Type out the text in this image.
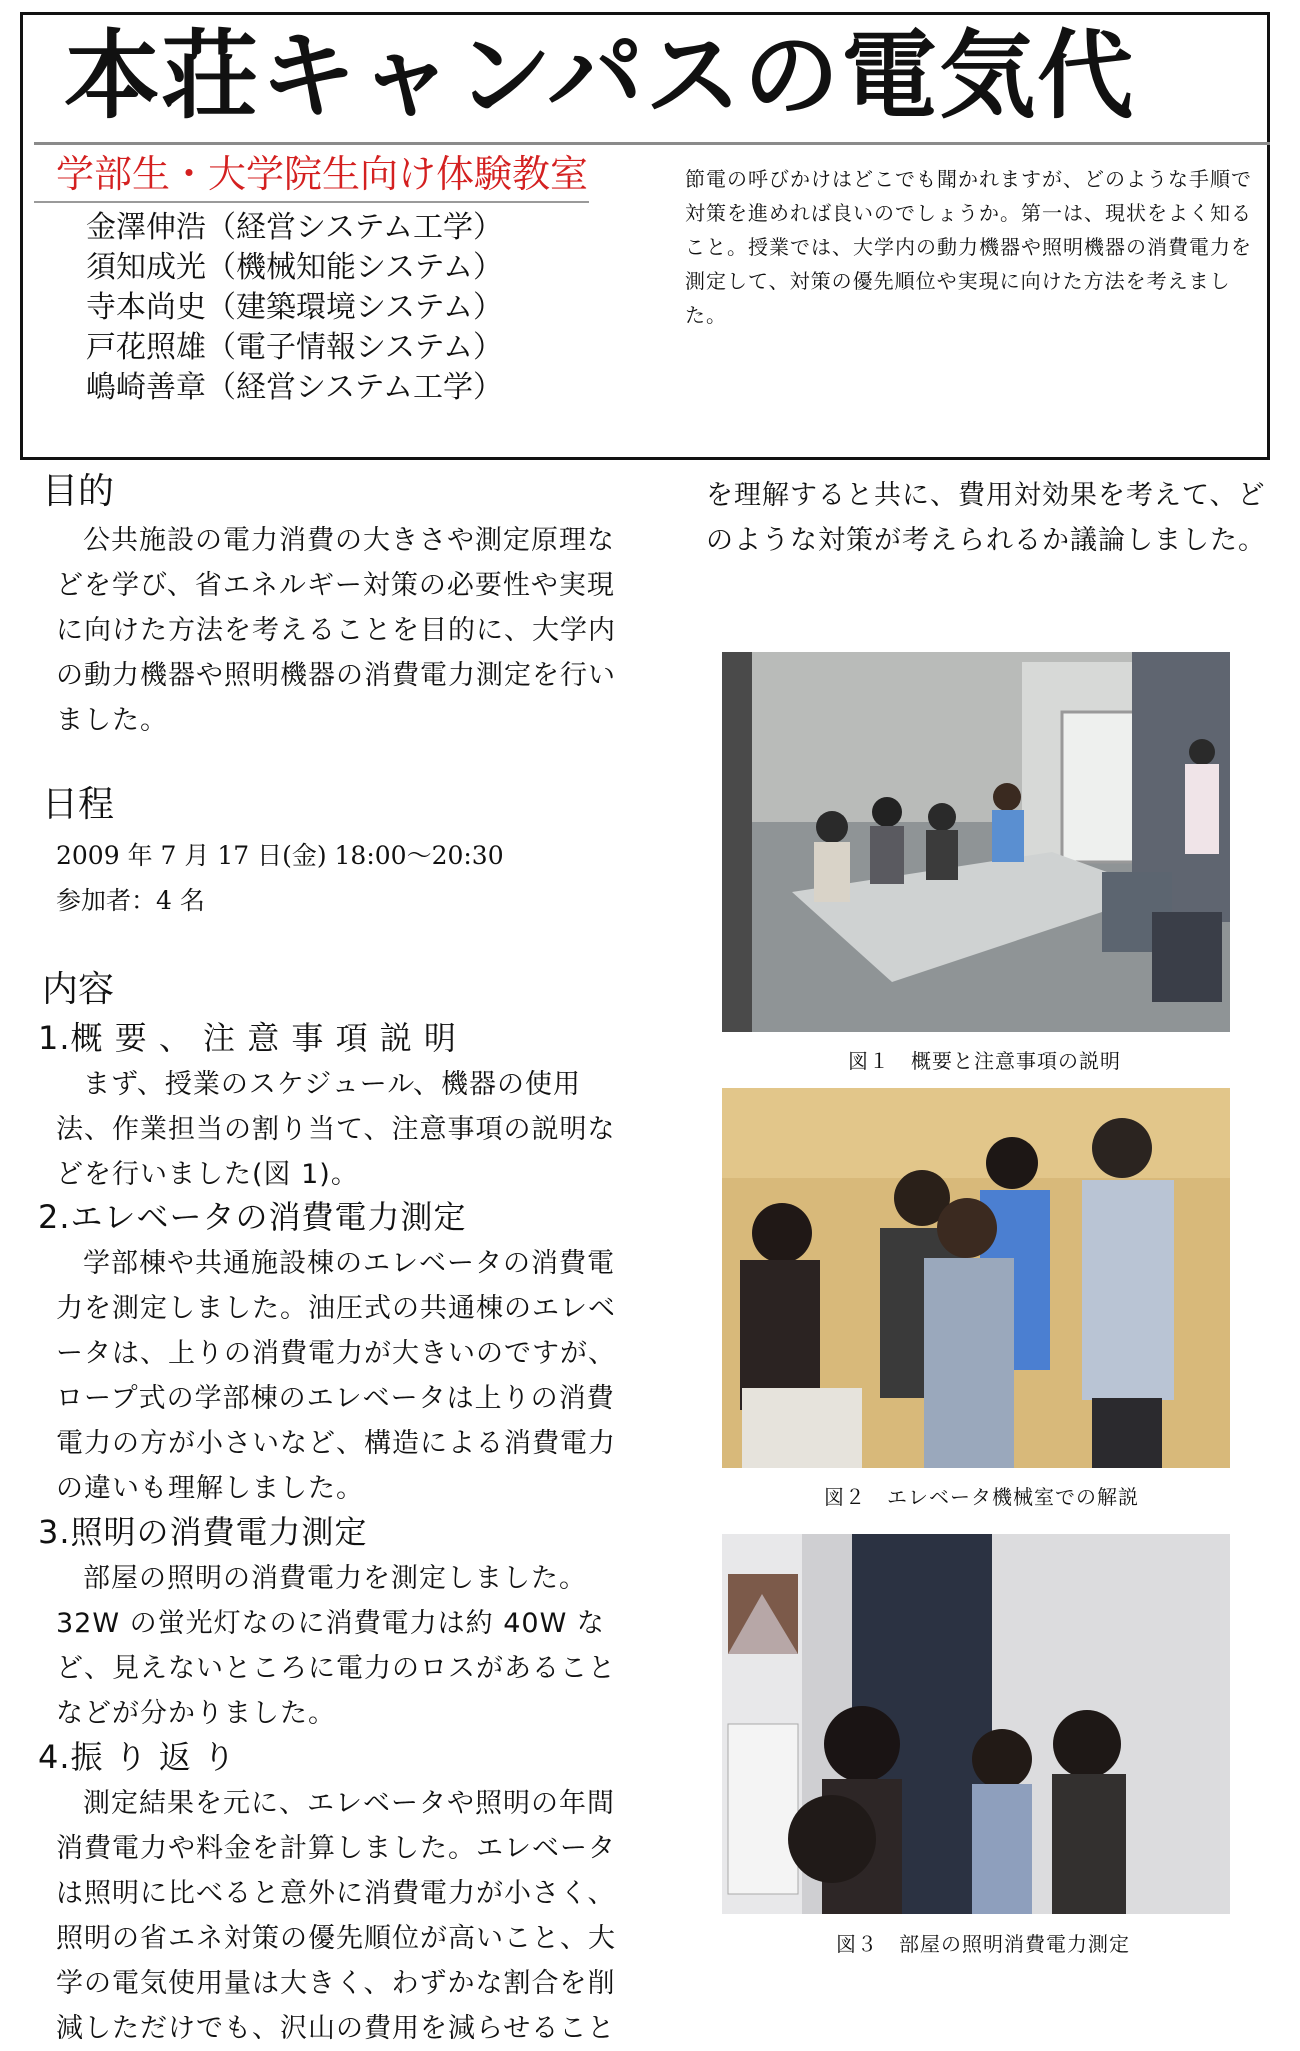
本荘キャンパスの電気代
学部生・大学院生向け体験教室
金澤伸浩（経営システム工学）
須知成光（機械知能システム）
寺本尚史（建築環境システム）
戸花照雄（電子情報システム）
嶋崎善章（経営システム工学）
節電の呼びかけはどこでも聞かれますが、どのような手順で対策を進めれば良いのでしょうか。第一は、現状をよく知ること。授業では、大学内の動力機器や照明機器の消費電力を測定して、対策の優先順位や実現に向けた方法を考えました。
目的

公共施設の電力消費の大きさや測定原理などを学び、省エネルギー対策の必要性や実現に向けた方法を考えることを目的に、大学内の動力機器や照明機器の消費電力測定を行いました。

日程
2009 年 7 月 17 日(金) 18:00～20:30
参加者：4 名
内容
1.概 要 、 注 意 事 項 説 明

まず、授業のスケジュール、機器の使用法、作業担当の割り当て、注意事項の説明などを行いました(図 1)。

2.エレベータの消費電力測定

学部棟や共通施設棟のエレベータの消費電力を測定しました。油圧式の共通棟のエレベータは、上りの消費電力が大きいのですが、ロープ式の学部棟のエレベータは上りの消費電力の方が小さいなど、構造による消費電力の違いも理解しました。

3.照明の消費電力測定

部屋の照明の消費電力を測定しました。32W の蛍光灯なのに消費電力は約 40W など、見えないところに電力のロスがあることなどが分かりました。

4.振 り 返 り

測定結果を元に、エレベータや照明の年間消費電力や料金を計算しました。エレベータは照明に比べると意外に消費電力が小さく、照明の省エネ対策の優先順位が高いこと、大学の電気使用量は大きく、わずかな割合を削減しただけでも、沢山の費用を減らせること

を理解すると共に、費用対効果を考えて、どのような対策が考えられるか議論しました。

図１　概要と注意事項の説明
図２　エレベータ機械室での解説
図３　部屋の照明消費電力測定
